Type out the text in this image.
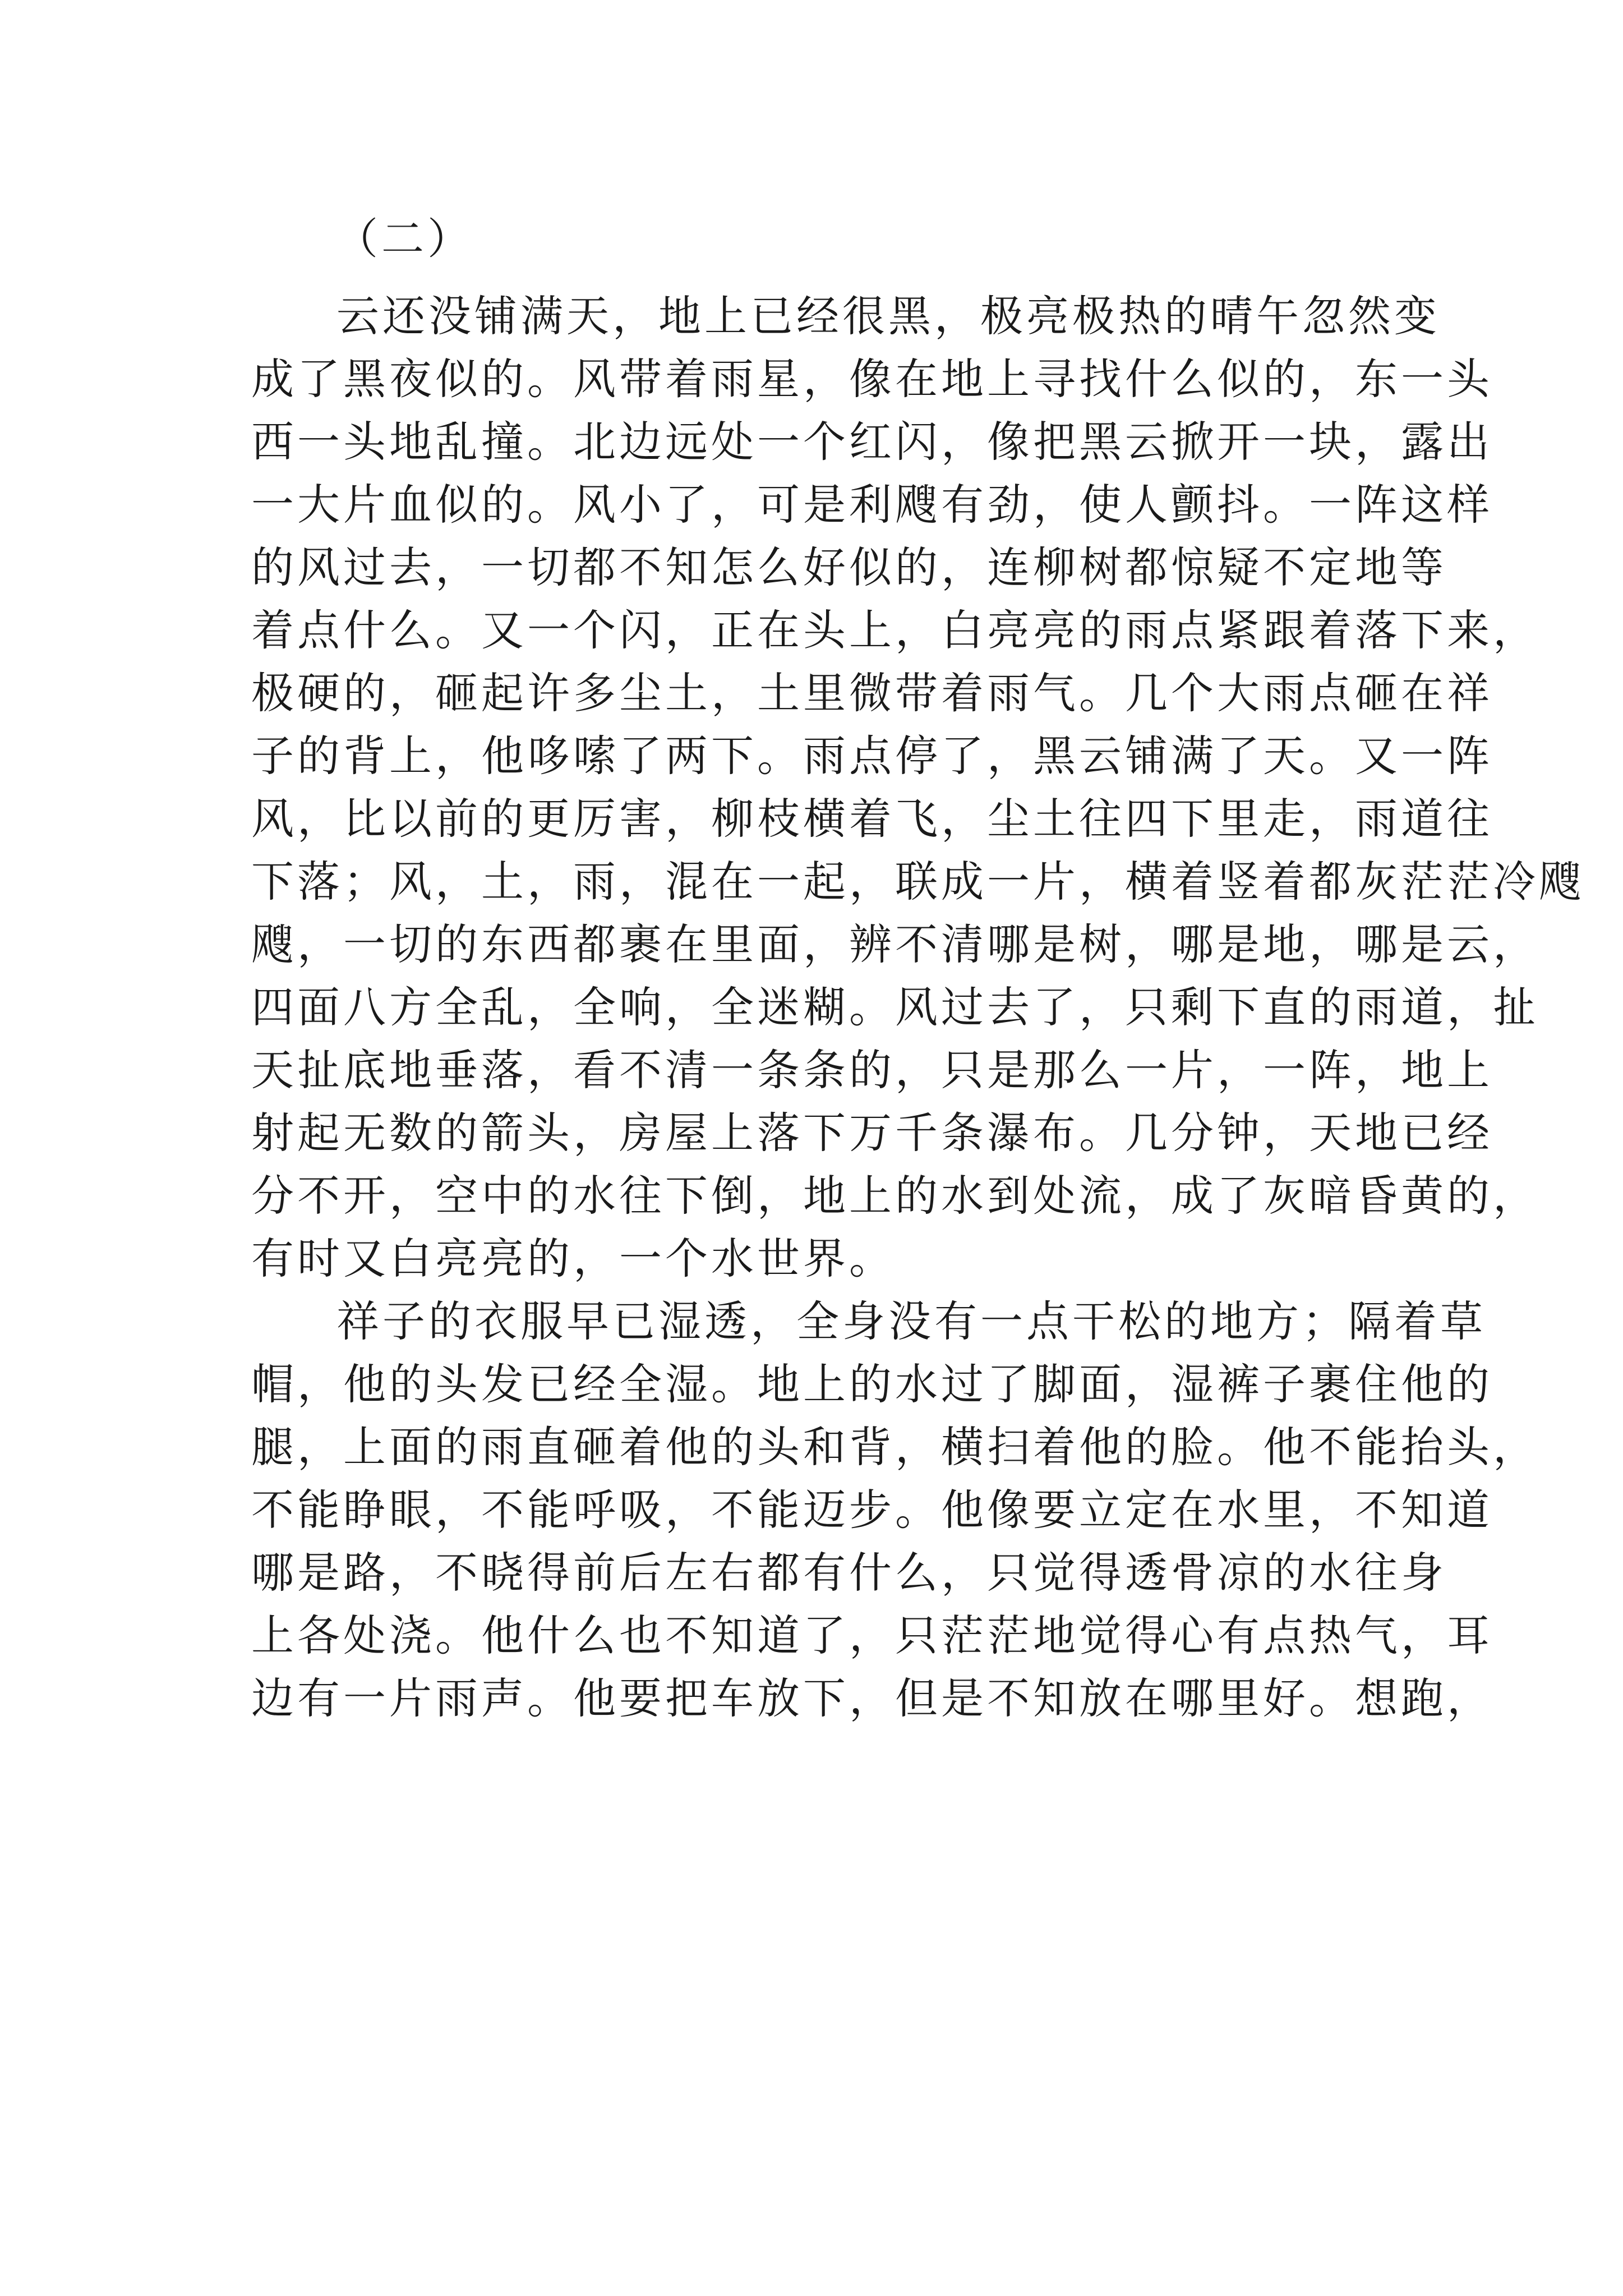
（二）
云还没铺满天，地上已经很黑，极亮极热的晴午忽然变
成了黑夜似的。风带着雨星，像在地上寻找什么似的，东一头
西一头地乱撞。北边远处一个红闪，像把黑云掀开一块，露出
一大片血似的。风小了，可是利飕有劲，使人颤抖。一阵这样
的风过去，一切都不知怎么好似的，连柳树都惊疑不定地等
着点什么。又一个闪，正在头上，白亮亮的雨点紧跟着落下来，
极硬的，砸起许多尘土，土里微带着雨气。几个大雨点砸在祥
子的背上，他哆嗦了两下。雨点停了，黑云铺满了天。又一阵
风，比以前的更厉害，柳枝横着飞，尘土往四下里走，雨道往
下落；风，土，雨，混在一起，联成一片，横着竖着都灰茫茫冷飕
飕，一切的东西都裹在里面，辨不清哪是树，哪是地，哪是云，
四面八方全乱，全响，全迷糊。风过去了，只剩下直的雨道，扯
天扯底地垂落，看不清一条条的，只是那么一片，一阵，地上
射起无数的箭头，房屋上落下万千条瀑布。几分钟，天地已经
分不开，空中的水往下倒，地上的水到处流，成了灰暗昏黄的，
有时又白亮亮的，一个水世界。
祥子的衣服早已湿透，全身没有一点干松的地方；隔着草
帽，他的头发已经全湿。地上的水过了脚面，湿裤子裹住他的
腿，上面的雨直砸着他的头和背，横扫着他的脸。他不能抬头，
不能睁眼，不能呼吸，不能迈步。他像要立定在水里，不知道
哪是路，不晓得前后左右都有什么，只觉得透骨凉的水往身
上各处浇。他什么也不知道了，只茫茫地觉得心有点热气，耳
边有一片雨声。他要把车放下，但是不知放在哪里好。想跑，
